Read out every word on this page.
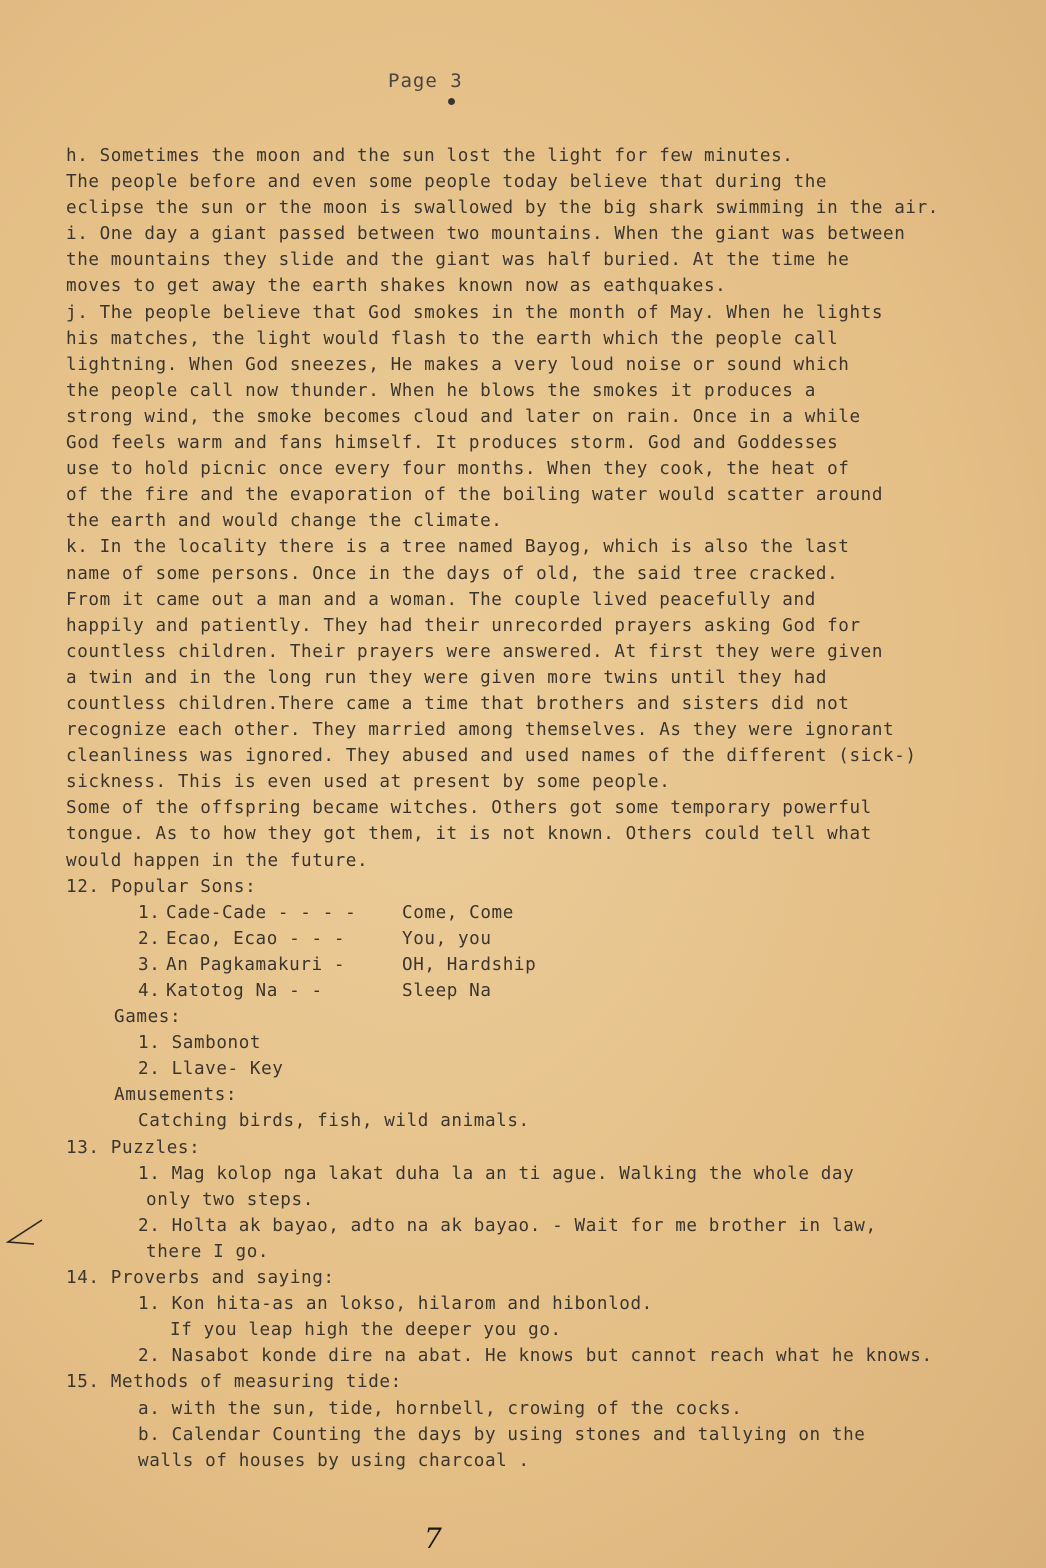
Page 3
h. Sometimes the moon and the sun lost the light for few minutes.
The people before and even some people today believe that during the
eclipse the sun or the moon is swallowed by the big shark swimming in the air.
i. One day a giant passed between two mountains. When the giant was between
the mountains they slide and the giant was half buried. At the time he
moves to get away the earth shakes known now as eathquakes.
j. The people believe that God smokes in the month of May. When he lights
his matches, the light would flash to the earth which the people call
lightning. When God sneezes, He makes a very loud noise or sound which
the people call now thunder. When he blows the smokes it produces a
strong wind, the smoke becomes cloud and later on rain. Once in a while
God feels warm and fans himself. It produces storm. God and Goddesses
use to hold picnic once every four months. When they cook, the heat of
of the fire and the evaporation of the boiling water would scatter around
the earth and would change the climate.
k. In the locality there is a tree named Bayog, which is also the last
name of some persons. Once in the days of old, the said tree cracked.
From it came out a man and a woman. The couple lived peacefully and
happily and patiently. They had their unrecorded prayers asking God for
countless children. Their prayers were answered. At first they were given
a twin and in the long run they were given more twins until they had
countless children.There came a time that brothers and sisters did not
recognize each other. They married among themselves. As they were ignorant
cleanliness was ignored. They abused and used names of the different (sick-)
sickness. This is even used at present by some people.
Some of the offspring became witches. Others got some temporary powerful
tongue. As to how they got them, it is not known. Others could tell what
would happen in the future.
12. Popular Sons:
1. Cade-Cade - - - -	Come, Come
2. Ecao, Ecao - - -	You, you
3. An Pagkamakuri -	OH, Hardship
4. Katotog Na - -	Sleep Na
Games:
1. Sambonot
2. Llave- Key
Amusements:
Catching birds, fish, wild animals.
13. Puzzles:
1. Mag kolop nga lakat duha la an ti ague. Walking the whole day
only two steps.
2. Holta ak bayao, adto na ak bayao. - Wait for me brother in law,
there I go.
14. Proverbs and saying:
1. Kon hita-as an lokso, hilarom and hibonlod.
If you leap high the deeper you go.
2. Nasabot konde dire na abat. He knows but cannot reach what he knows.
15. Methods of measuring tide:
a. with the sun, tide, hornbell, crowing of the cocks.
b. Calendar Counting the days by using stones and tallying on the
walls of houses by using charcoal .
7
